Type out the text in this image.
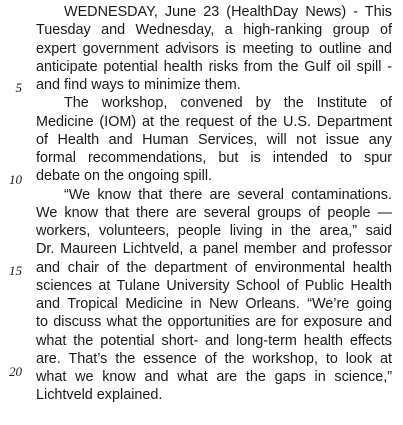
5
10
15
20
WEDNESDAY, June 23 (HealthDay News) - This
Tuesday and Wednesday, a high-ranking group of
expert government advisors is meeting to outline and
anticipate potential health risks from the Gulf oil spill -
and find ways to minimize them.
The workshop, convened by the Institute of
Medicine (IOM) at the request of the U.S. Department
of Health and Human Services, will not issue any
formal recommendations, but is intended to spur
debate on the ongoing spill.
“We know that there are several contaminations.
We know that there are several groups of people —
workers, volunteers, people living in the area,” said
Dr. Maureen Lichtveld, a panel member and professor
and chair of the department of environmental health
sciences at Tulane University School of Public Health
and Tropical Medicine in New Orleans. “We’re going
to discuss what the opportunities are for exposure and
what the potential short- and long-term health effects
are. That’s the essence of the workshop, to look at
what we know and what are the gaps in science,”
Lichtveld explained.
